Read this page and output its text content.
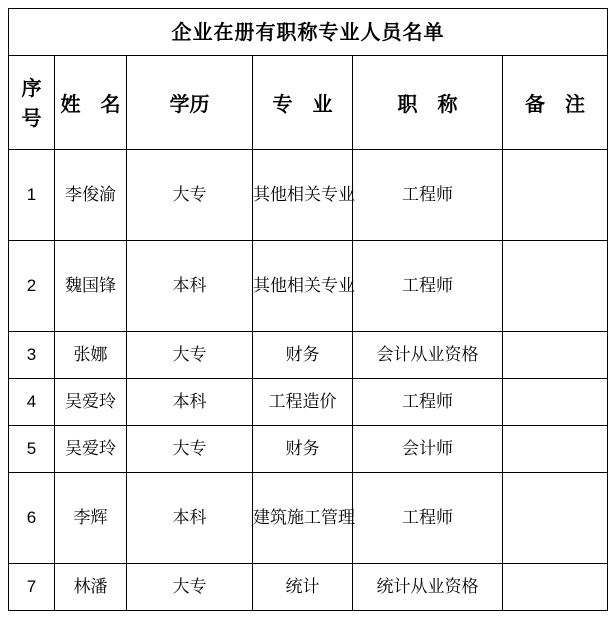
企业在册有职称专业人员名单					
序号	姓　名	学历	专　业	职　称	备　注
1	李俊渝	大专	其他相关专业	工程师	
2	魏国锋	本科	其他相关专业	工程师	
3	张娜	大专	财务	会计从业资格	
4	吴爱玲	本科	工程造价	工程师	
5	吴爱玲	大专	财务	会计师	
6	李辉	本科	建筑施工管理	工程师	
7	林潘	大专	统计	统计从业资格	
